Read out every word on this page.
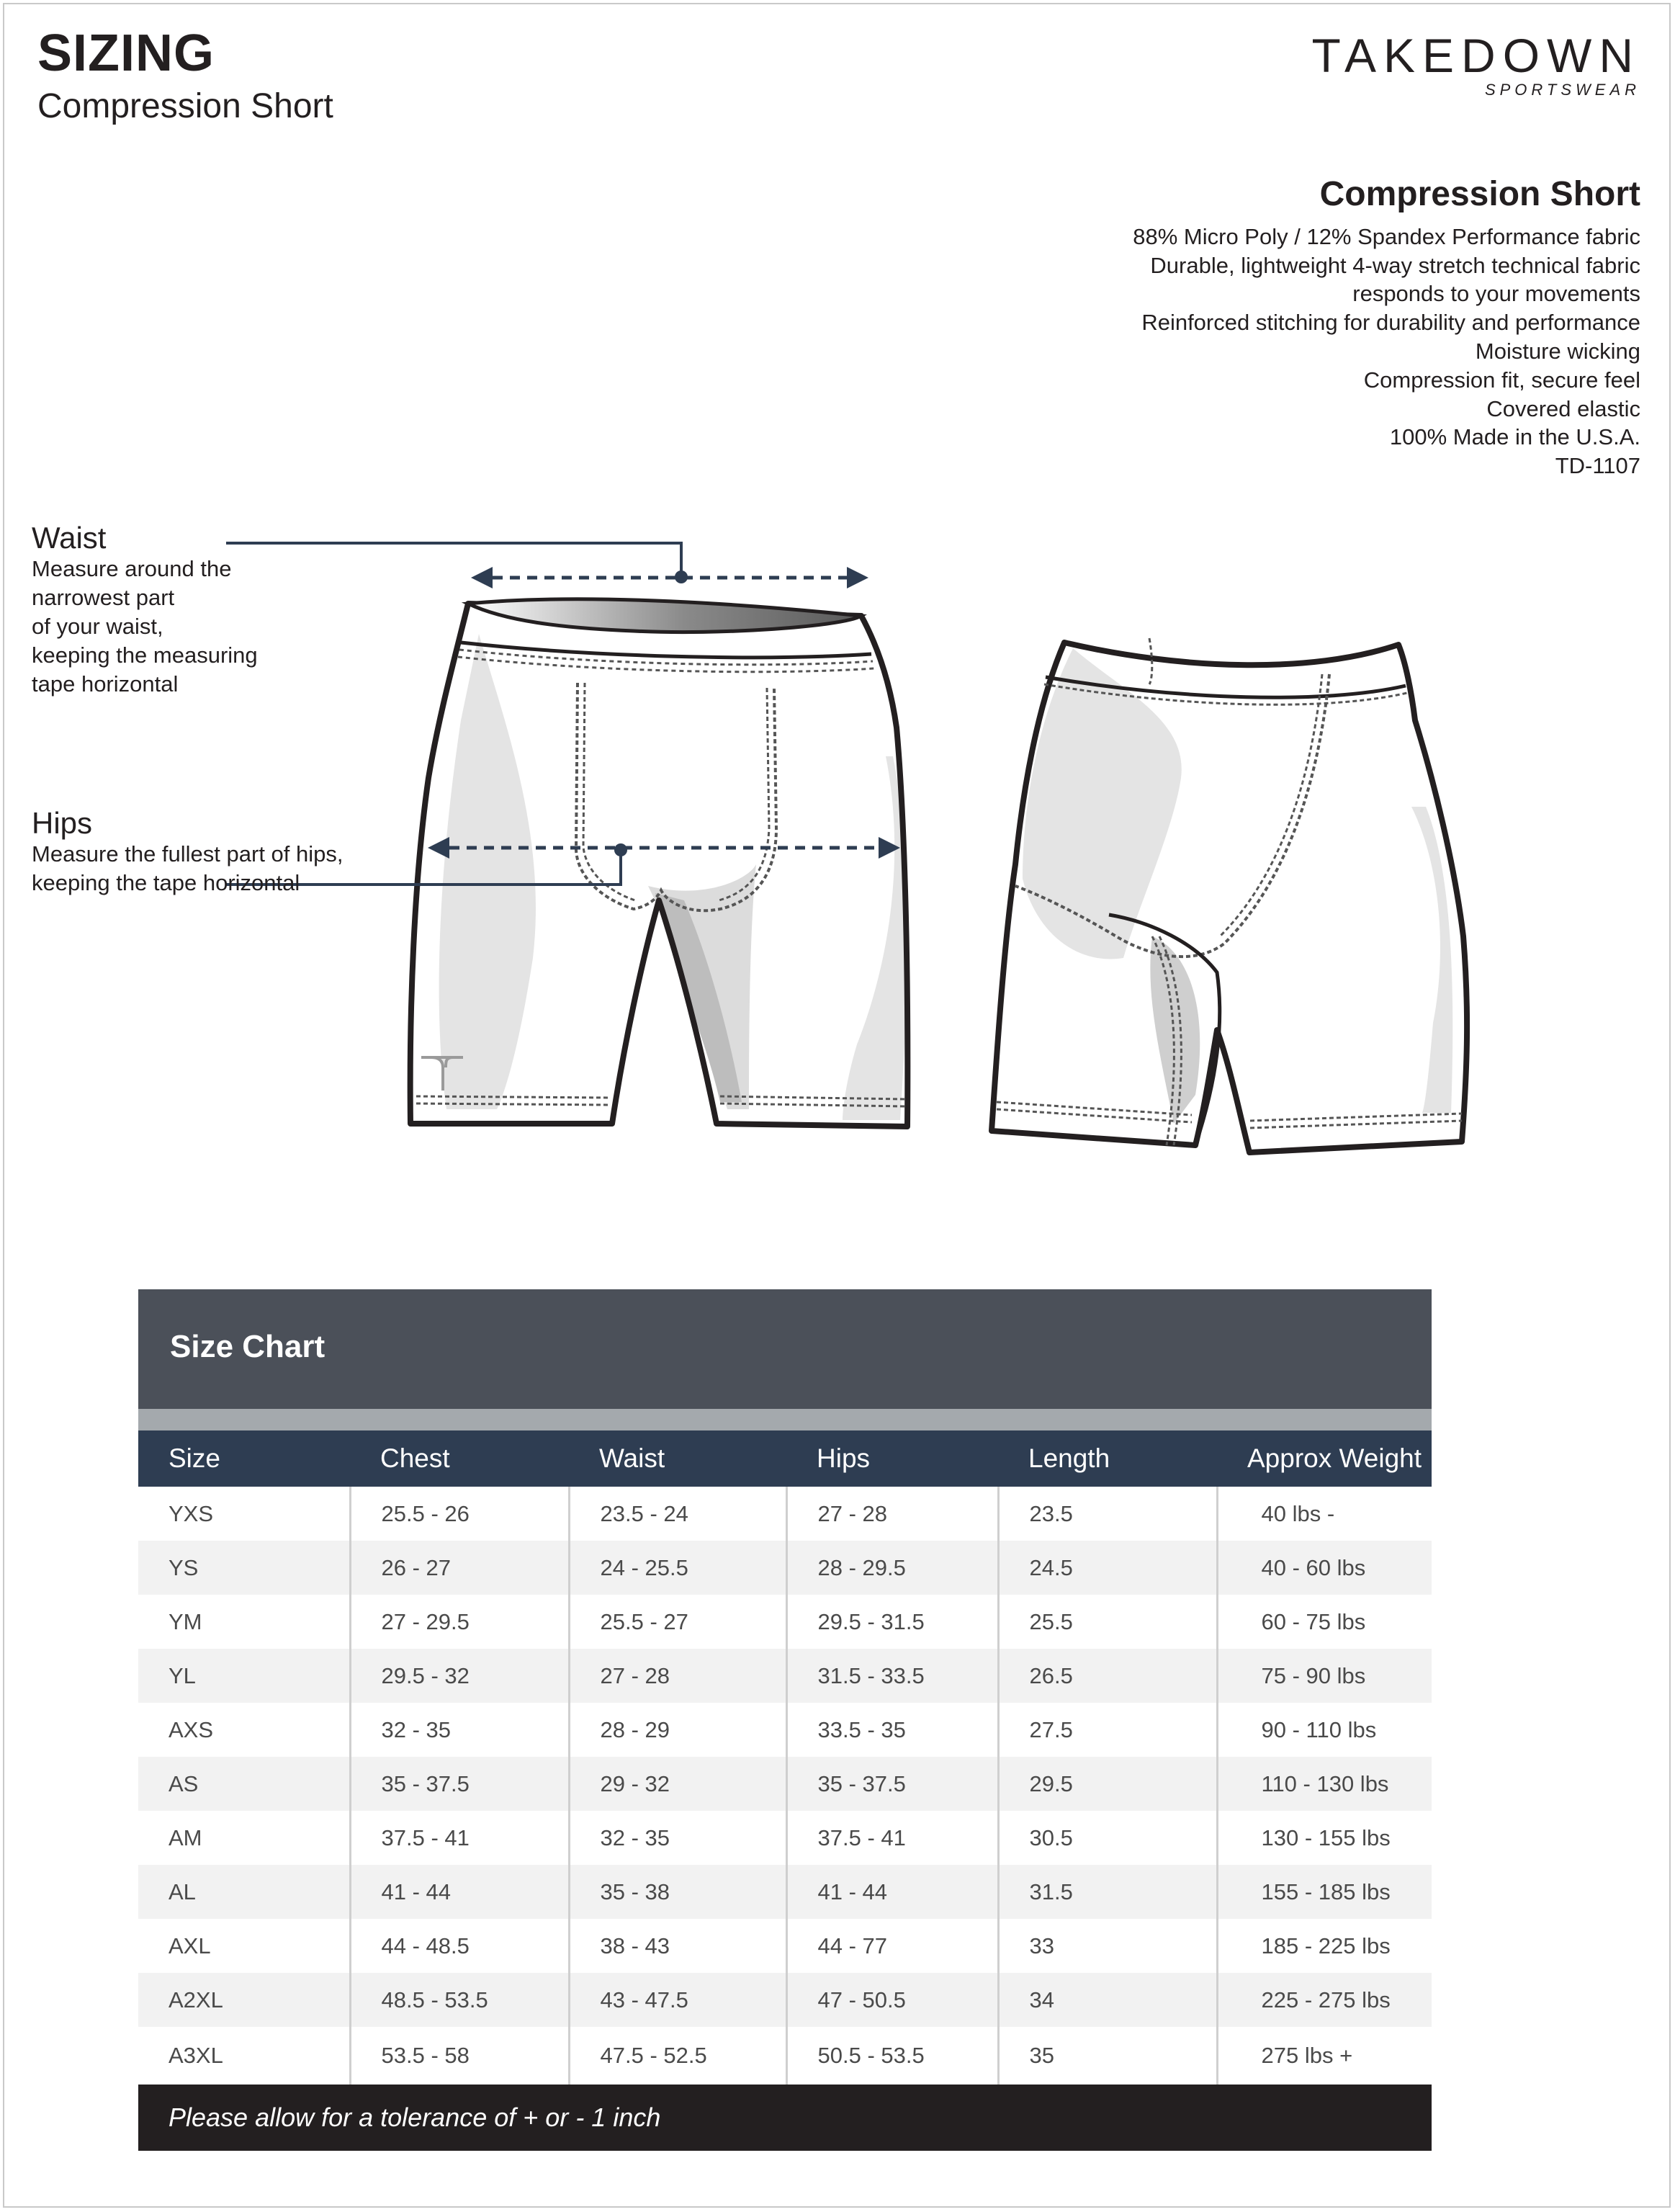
SIZING
Compression Short
TAKEDOWN
SPORTSWEAR
Compression Short
88% Micro Poly / 12% Spandex Performance fabric
Durable, lightweight 4-way stretch technical fabric
responds to your movements
Reinforced stitching for durability and performance
Moisture wicking
Compression fit, secure feel
Covered elastic
100% Made in the U.S.A.
TD-1107
Waist
Measure around the
narrowest part
of your waist,
keeping the measuring
tape horizontal
Hips
Measure the fullest part of hips,
keeping the tape horizontal
Size Chart
Size	Chest	Waist	Hips	Length	Approx Weight
YXS	25.5 - 26	23.5 - 24	27 - 28	23.5	40 lbs -
YS	26 - 27	24 - 25.5	28 - 29.5	24.5	40 - 60 lbs
YM	27 - 29.5	25.5 - 27	29.5 - 31.5	25.5	60 - 75 lbs
YL	29.5 - 32	27 - 28	31.5 - 33.5	26.5	75 - 90 lbs
AXS	32 - 35	28 - 29	33.5 - 35	27.5	90 - 110 lbs
AS	35 - 37.5	29 - 32	35 - 37.5	29.5	110 - 130 lbs
AM	37.5 - 41	32 - 35	37.5 - 41	30.5	130 - 155 lbs
AL	41 - 44	35 - 38	41 - 44	31.5	155 - 185 lbs
AXL	44 - 48.5	38 - 43	44 - 77	33	185 - 225 lbs
A2XL	48.5 - 53.5	43 - 47.5	47 - 50.5	34	225 - 275 lbs
A3XL	53.5 - 58	47.5 - 52.5	50.5 - 53.5	35	275 lbs +
Please allow for a tolerance of + or - 1 inch
